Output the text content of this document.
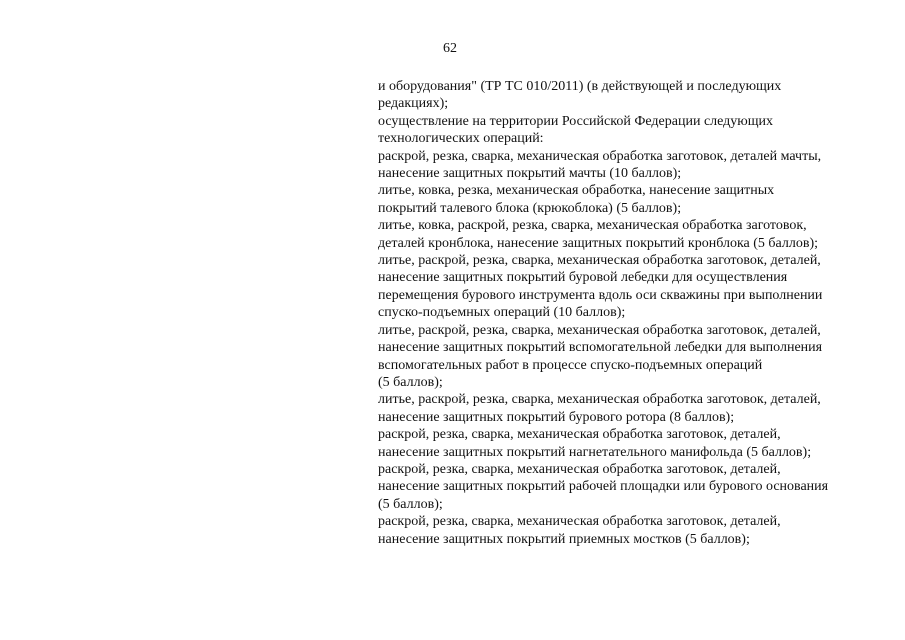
62
и оборудования" (ТР ТС 010/2011) (в действующей и последующих
редакциях);
осуществление на территории Российской Федерации следующих
технологических операций:
раскрой, резка, сварка, механическая обработка заготовок, деталей мачты,
нанесение защитных покрытий мачты (10 баллов);
литье, ковка, резка, механическая обработка, нанесение защитных
покрытий талевого блока (крюкоблока) (5 баллов);
литье, ковка, раскрой, резка, сварка, механическая обработка заготовок,
деталей кронблока, нанесение защитных покрытий кронблока (5 баллов);
литье, раскрой, резка, сварка, механическая обработка заготовок, деталей,
нанесение защитных покрытий буровой лебедки для осуществления
перемещения бурового инструмента вдоль оси скважины при выполнении
спуско-подъемных операций (10 баллов);
литье, раскрой, резка, сварка, механическая обработка заготовок, деталей,
нанесение защитных покрытий вспомогательной лебедки для выполнения
вспомогательных работ в процессе спуско-подъемных операций
(5 баллов);
литье, раскрой, резка, сварка, механическая обработка заготовок, деталей,
нанесение защитных покрытий бурового ротора (8 баллов);
раскрой, резка, сварка, механическая обработка заготовок, деталей,
нанесение защитных покрытий нагнетательного манифольда (5 баллов);
раскрой, резка, сварка, механическая обработка заготовок, деталей,
нанесение защитных покрытий рабочей площадки или бурового основания
(5 баллов);
раскрой, резка, сварка, механическая обработка заготовок, деталей,
нанесение защитных покрытий приемных мостков (5 баллов);
